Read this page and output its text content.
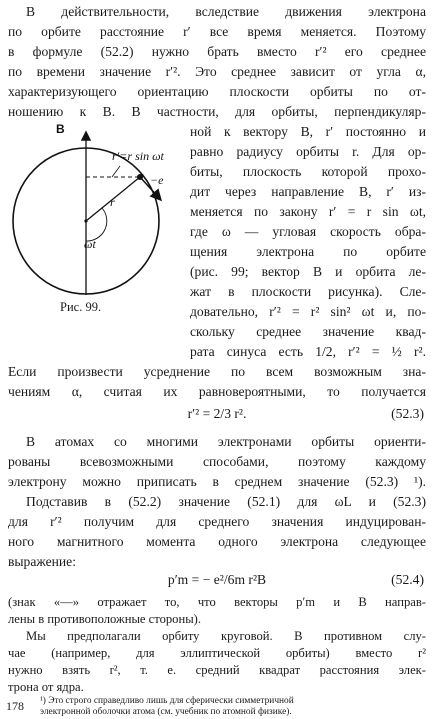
В действительности, вследствие движения электрона
по орбите расстояние r′ все время меняется. Поэтому
в формуле (52.2) нужно брать вместо r′² его среднее
по времени значение r′². Это среднее зависит от угла α,
характеризующего ориентацию плоскости орбиты по от-
ношению к B. В частности, для орбиты, перпендикуляр-
B
r′=r sin ωt
−e
r
ωt
Рис. 99.
ной к вектору B, r′ постоянно и
равно радиусу орбиты r. Для ор-
биты, плоскость которой прохо-
дит через направление B, r′ из-
меняется по закону r′ = r sin ωt,
где ω — угловая скорость обра-
щения электрона по орбите
(рис. 99; вектор B и орбита ле-
жат в плоскости рисунка). Сле-
довательно, r′² = r² sin² ωt и, по-
скольку среднее значение квад-
рата синуса есть 1/2, r′² = ½ r².
Если произвести усреднение по всем возможным зна-
чениям α, считая их равновероятными, то получается
r′² = 2/3 r².	(52.3)
В атомах со многими электронами орбиты ориенти-
рованы всевозможными способами, поэтому каждому
электрону можно приписать в среднем значение (52.3) ¹).
Подставив в (52.2) значение (52.1) для ωL и (52.3)
для r′² получим для среднего значения индуцирован-
ного магнитного момента одного электрона следующее
выражение:
p′m = − e²/6m r²B	(52.4)
¹) Это строго справедливо лишь для сферически симметричной
электронной оболочки атома (см. учебник по атомной физике).
178
(знак «—» отражает то, что векторы p′m и B направ-
лены в противоположные стороны).
Мы предполагали орбиту круговой. В противном слу-
чае (например, для эллиптической орбиты) вместо r²
нужно взять r², т. е. средний квадрат расстояния элек-
трона от ядра.
